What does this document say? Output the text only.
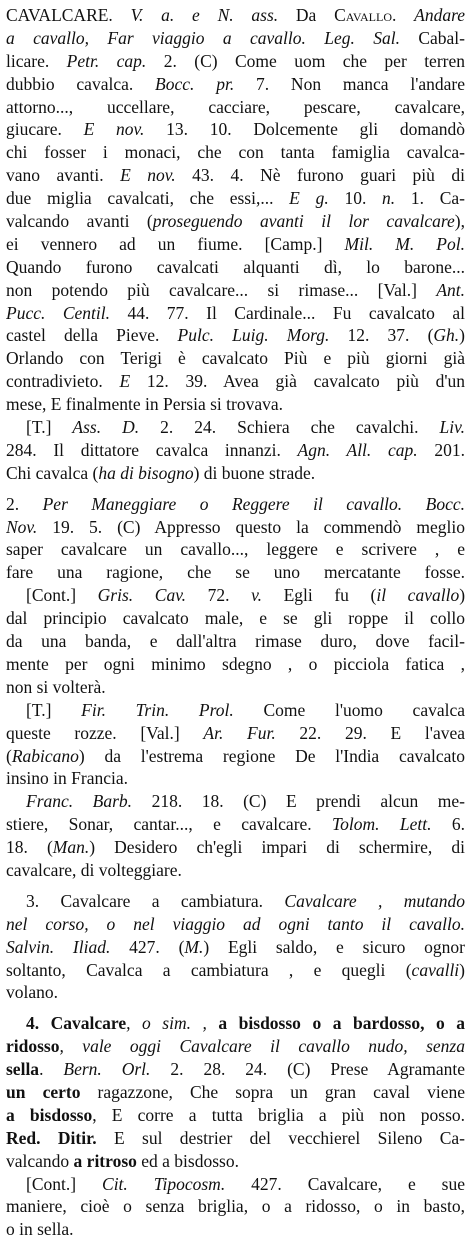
CAVALCARE. V. a. e N. ass. Da Cavallo. Andare
a cavallo, Far viaggio a cavallo. Leg. Sal. Cabal-
licare. Petr. cap. 2. (C) Come uom che per terren
dubbio cavalca. Bocc. pr. 7. Non manca l'andare
attorno..., uccellare, cacciare, pescare, cavalcare,
giucare. E nov. 13. 10. Dolcemente gli domandò
chi fosser i monaci, che con tanta famiglia cavalca-
vano avanti. E nov. 43. 4. Nè furono guari più di
due miglia cavalcati, che essi,... E g. 10. n. 1. Ca-
valcando avanti (proseguendo avanti il lor cavalcare),
ei vennero ad un fiume. [Camp.] Mil. M. Pol.
Quando furono cavalcati alquanti dì, lo barone...
non potendo più cavalcare... si rimase... [Val.] Ant.
Pucc. Centil. 44. 77. Il Cardinale... Fu cavalcato al
castel della Pieve. Pulc. Luig. Morg. 12. 37. (Gh.)
Orlando con Terigi è cavalcato Più e più giorni già
contradivieto. E 12. 39. Avea già cavalcato più d'un
mese, E finalmente in Persia si trovava.
[T.] Ass. D. 2. 24. Schiera che cavalchi. Liv.
284. Il dittatore cavalca innanzi. Agn. All. cap. 201.
Chi cavalca (ha di bisogno) di buone strade.
2. Per Maneggiare o Reggere il cavallo. Bocc.
Nov. 19. 5. (C) Appresso questo la commendò meglio
saper cavalcare un cavallo..., leggere e scrivere , e
fare una ragione, che se uno mercatante fosse.
[Cont.] Gris. Cav. 72. v. Egli fu (il cavallo)
dal principio cavalcato male, e se gli roppe il collo
da una banda, e dall'altra rimase duro, dove facil-
mente per ogni minimo sdegno , o picciola fatica ,
non si volterà.
[T.] Fir. Trin. Prol. Come l'uomo cavalca
queste rozze. [Val.] Ar. Fur. 22. 29. E l'avea
(Rabicano) da l'estrema regione De l'India cavalcato
insino in Francia.
Franc. Barb. 218. 18. (C) E prendi alcun me-
stiere, Sonar, cantar..., e cavalcare. Tolom. Lett. 6.
18. (Man.) Desidero ch'egli impari di schermire, di
cavalcare, di volteggiare.
3. Cavalcare a cambiatura. Cavalcare , mutando
nel corso, o nel viaggio ad ogni tanto il cavallo.
Salvin. Iliad. 427. (M.) Egli saldo, e sicuro ognor
soltanto, Cavalca a cambiatura , e quegli (cavalli)
volano.
4. Cavalcare, o sim. , a bisdosso o a bardosso, o a
ridosso, vale oggi Cavalcare il cavallo nudo, senza
sella. Bern. Orl. 2. 28. 24. (C) Prese Agramante
un certo ragazzone, Che sopra un gran caval viene
a bisdosso, E corre a tutta briglia a più non posso.
Red. Ditir. E sul destrier del vecchierel Sileno Ca-
valcando a ritroso ed a bisdosso.
[Cont.] Cit. Tipocosm. 427. Cavalcare, e sue
maniere, cioè o senza briglia, o a ridosso, o in basto,
o in sella.
